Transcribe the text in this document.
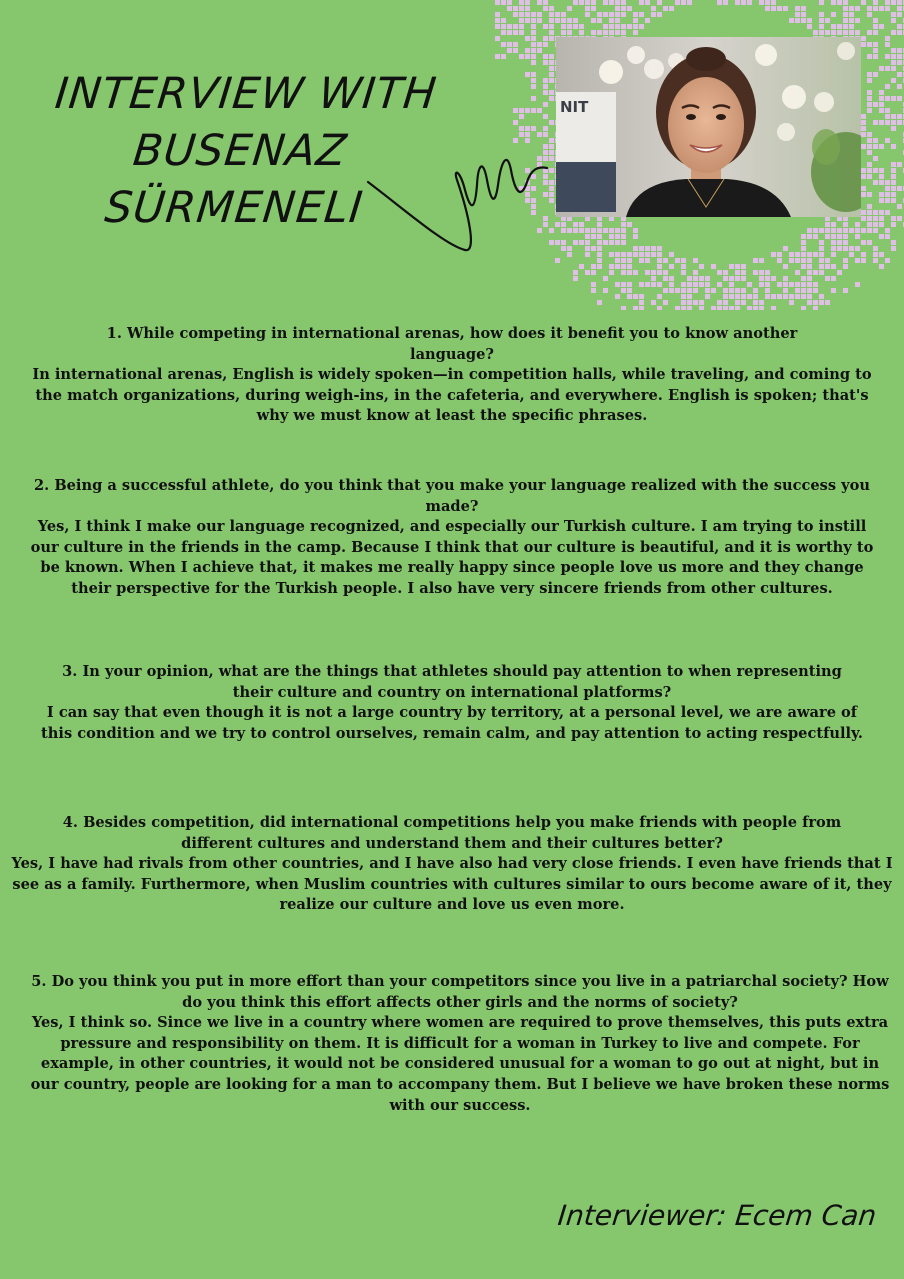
INTERVIEW WITH
BUSENAZ
SÜRMENELI
NIT

1. While competing in international arenas, how does it benefit you to know another language?

In international arenas, English is widely spoken—in competition halls, while traveling, and coming to the match organizations, during weigh-ins, in the cafeteria, and everywhere. English is spoken; that's why we must know at least the specific phrases.

2. Being a successful athlete, do you think that you make your language realized with the success you made?

Yes, I think I make our language recognized, and especially our Turkish culture. I am trying to instill our culture in the friends in the camp. Because I think that our culture is beautiful, and it is worthy to be known. When I achieve that, it makes me really happy since people love us more and they change their perspective for the Turkish people. I also have very sincere friends from other cultures.

3. In your opinion, what are the things that athletes should pay attention to when representing their culture and country on international platforms?

I can say that even though it is not a large country by territory, at a personal level, we are aware of this condition and we try to control ourselves, remain calm, and pay attention to acting respectfully.

4. Besides competition, did international competitions help you make friends with people from different cultures and understand them and their cultures better?

Yes, I have had rivals from other countries, and I have also had very close friends. I even have friends that I see as a family. Furthermore, when Muslim countries with cultures similar to ours become aware of it, they realize our culture and love us even more.

5. Do you think you put in more effort than your competitors since you live in a patriarchal society? How do you think this effort affects other girls and the norms of society?

Yes, I think so. Since we live in a country where women are required to prove themselves, this puts extra pressure and responsibility on them. It is difficult for a woman in Turkey to live and compete. For example, in other countries, it would not be considered unusual for a woman to go out at night, but in our country, people are looking for a man to accompany them. But I believe we have broken these norms with our success.

Interviewer: Ecem Can
